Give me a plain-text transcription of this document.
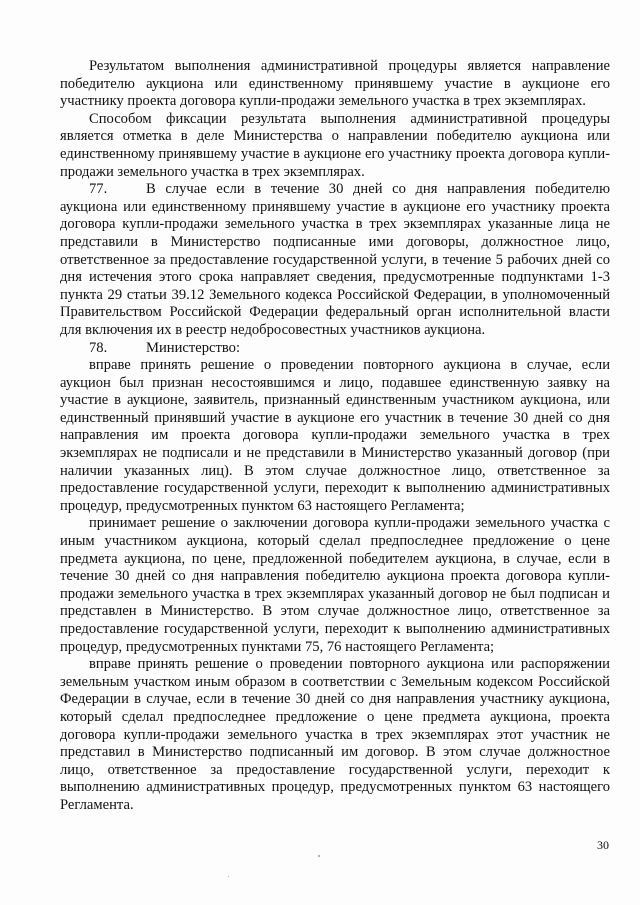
Результатом выполнения административной процедуры является направление победителю аукциона или единственному принявшему участие в аукционе его участнику проекта договора купли-продажи земельного участка в трех экземплярах.

Способом фиксации результата выполнения административной процедуры является отметка в деле Министерства о направлении победителю аукциона или единственному принявшему участие в аукционе его участнику проекта договора купли-продажи земельного участка в трех экземплярах.

77.	В случае если в течение 30 дней со дня направления победителю аукциона или единственному принявшему участие в аукционе его участнику проекта договора купли-продажи земельного участка в трех экземплярах указанные лица не представили в Министерство подписанные ими договоры, должностное лицо, ответственное за предоставление государственной услуги, в течение 5 рабочих дней со дня истечения этого срока направляет сведения, предусмотренные подпунктами 1-3 пункта 29 статьи 39.12 Земельного кодекса Российской Федерации, в уполномоченный Правительством Российской Федерации федеральный орган исполнительной власти для включения их в реестр недобросовестных участников аукциона.

78.	Министерство:

вправе принять решение о проведении повторного аукциона в случае, если аукцион был признан несостоявшимся и лицо, подавшее единственную заявку на участие в аукционе, заявитель, признанный единственным участником аукциона, или единственный принявший участие в аукционе его участник в течение 30 дней со дня направления им проекта договора купли-продажи земельного участка в трех экземплярах не подписали и не представили в Министерство указанный договор (при наличии указанных лиц). В этом случае должностное лицо, ответственное за предоставление государственной услуги, переходит к выполнению административных процедур, предусмотренных пунктом 63 настоящего Регламента;

принимает решение о заключении договора купли-продажи земельного участка с иным участником аукциона, который сделал предпоследнее предложение о цене предмета аукциона, по цене, предложенной победителем аукциона, в случае, если в течение 30 дней со дня направления победителю аукциона проекта договора купли-продажи земельного участка в трех экземплярах указанный договор не был подписан и представлен в Министерство. В этом случае должностное лицо, ответственное за предоставление государственной услуги, переходит к выполнению административных процедур, предусмотренных пунктами 75, 76 настоящего Регламента;

вправе принять решение о проведении повторного аукциона или распоряжении земельным участком иным образом в соответствии с Земельным кодексом Российской Федерации в случае, если в течение 30 дней со дня направления участнику аукциона, который сделал предпоследнее предложение о цене предмета аукциона, проекта договора купли-продажи земельного участка в трех экземплярах этот участник не представил в Министерство подписанный им договор. В этом случае должностное лицо, ответственное за предоставление государственной услуги, переходит к выполнению административных процедур, предусмотренных пунктом 63 настоящего Регламента.

30
